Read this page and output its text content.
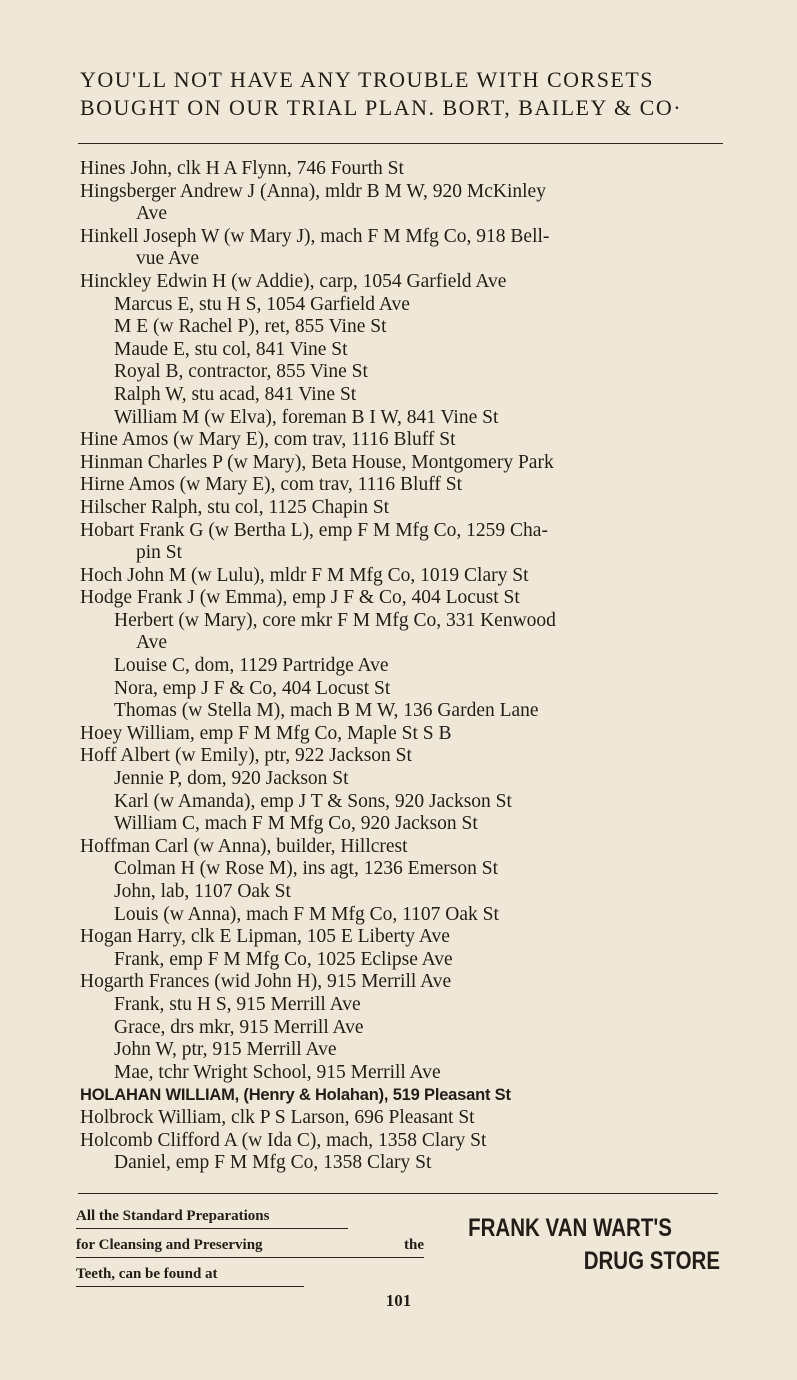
YOU'LL NOT HAVE ANY TROUBLE WITH CORSETS
BOUGHT ON OUR TRIAL PLAN. BORT, BAILEY & CO·
Hines John, clk H A Flynn, 746 Fourth St
Hingsberger Andrew J (Anna), mldr B M W, 920 McKinley
Ave
Hinkell Joseph W (w Mary J), mach F M Mfg Co, 918 Bell-
vue Ave
Hinckley Edwin H (w Addie), carp, 1054 Garfield Ave
Marcus E, stu H S, 1054 Garfield Ave
M E (w Rachel P), ret, 855 Vine St
Maude E, stu col, 841 Vine St
Royal B, contractor, 855 Vine St
Ralph W, stu acad, 841 Vine St
William M (w Elva), foreman B I W, 841 Vine St
Hine Amos (w Mary E), com trav, 1116 Bluff St
Hinman Charles P (w Mary), Beta House, Montgomery Park
Hirne Amos (w Mary E), com trav, 1116 Bluff St
Hilscher Ralph, stu col, 1125 Chapin St
Hobart Frank G (w Bertha L), emp F M Mfg Co, 1259 Cha-
pin St
Hoch John M (w Lulu), mldr F M Mfg Co, 1019 Clary St
Hodge Frank J (w Emma), emp J F & Co, 404 Locust St
Herbert (w Mary), core mkr F M Mfg Co, 331 Kenwood
Ave
Louise C, dom, 1129 Partridge Ave
Nora, emp J F & Co, 404 Locust St
Thomas (w Stella M), mach B M W, 136 Garden Lane
Hoey William, emp F M Mfg Co, Maple St S B
Hoff Albert (w Emily), ptr, 922 Jackson St
Jennie P, dom, 920 Jackson St
Karl (w Amanda), emp J T & Sons, 920 Jackson St
William C, mach F M Mfg Co, 920 Jackson St
Hoffman Carl (w Anna), builder, Hillcrest
Colman H (w Rose M), ins agt, 1236 Emerson St
John, lab, 1107 Oak St
Louis (w Anna), mach F M Mfg Co, 1107 Oak St
Hogan Harry, clk E Lipman, 105 E Liberty Ave
Frank, emp F M Mfg Co, 1025 Eclipse Ave
Hogarth Frances (wid John H), 915 Merrill Ave
Frank, stu H S, 915 Merrill Ave
Grace, drs mkr, 915 Merrill Ave
John W, ptr, 915 Merrill Ave
Mae, tchr Wright School, 915 Merrill Ave
HOLAHAN WILLIAM, (Henry & Holahan), 519 Pleasant St
Holbrock William, clk P S Larson, 696 Pleasant St
Holcomb Clifford A (w Ida C), mach, 1358 Clary St
Daniel, emp F M Mfg Co, 1358 Clary St
All the Standard Preparations
for Cleansing and Preserving	the
Teeth, can be found at
FRANK VAN WART'S
DRUG STORE
101
